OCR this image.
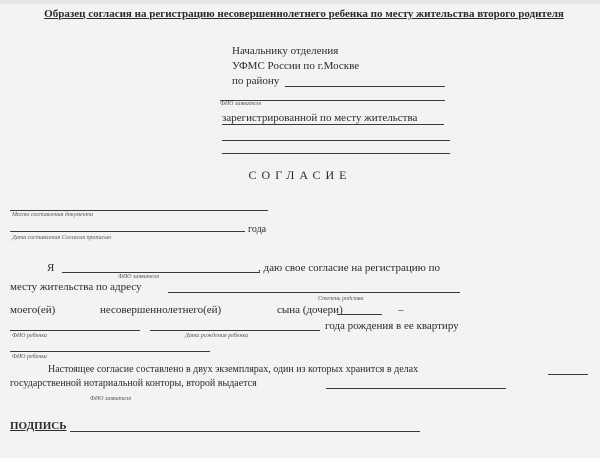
Образец согласия на регистрацию несовершеннолетнего ребенка по месту жительства второго родителя
Начальнику отделения
УФМС России по г.Москве
по району
ФИО заявителя
зарегистрированной по месту жительства
СОГЛАСИЕ
Место составления документа
года
Дата составления Согласия прописью
Я
ФИО заявителя
, даю свое согласие на регистрацию по
месту жительства по адресу
Степень родства
моего(ей)	несовершеннолетнего(ей)	сына (дочери)	–
года рождения в ее квартиру
ФИО ребенка	Дата рождения ребенка
ФИО ребенка
Настоящее согласие составлено в двух экземплярах, один из которых хранится в делах
государственной нотариальной конторы, второй выдается
ФИО заявителя
ПОДПИСЬ
